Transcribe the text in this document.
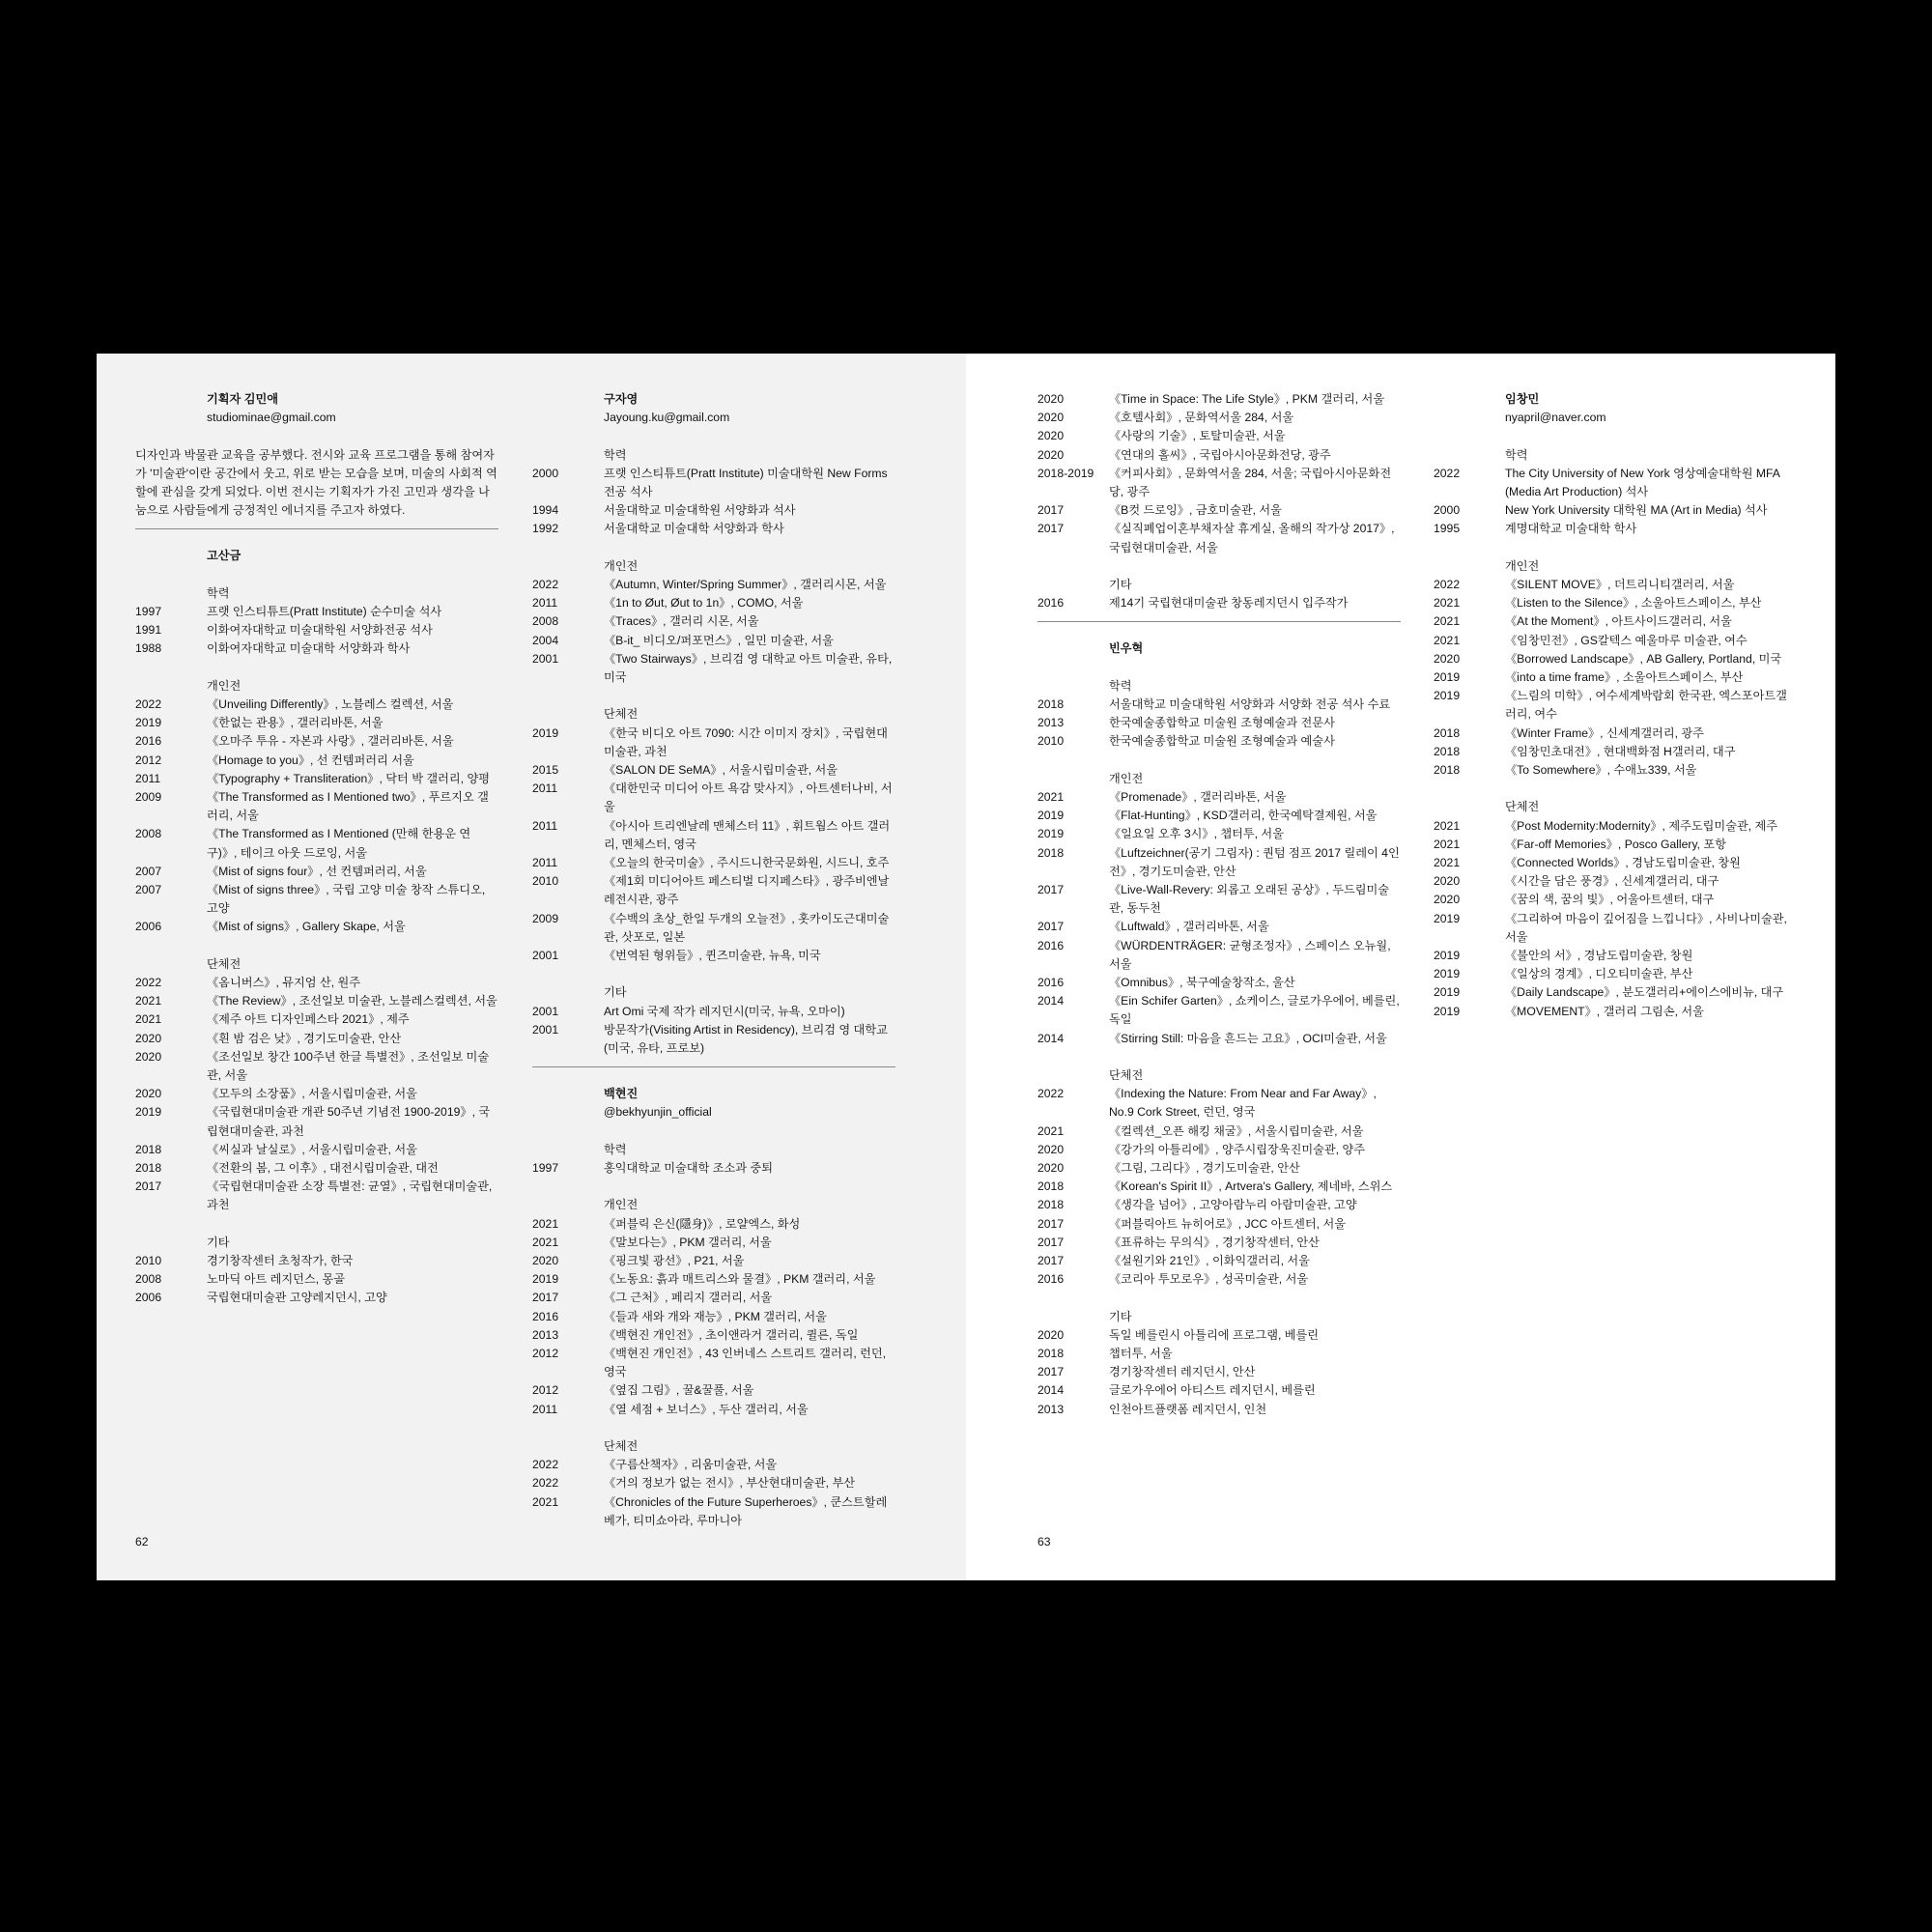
기획자 김민애
studiominae@gmail.com

디자인과 박물관 교육을 공부했다. 전시와 교육 프로그램을 통해 참여자가 '미술관'이란 공간에서 웃고, 위로 받는 모습을 보며, 미술의 사회적 역할에 관심을 갖게 되었다. 이번 전시는 기획자가 가진 고민과 생각을 나눔으로 사람들에게 긍정적인 에너지를 주고자 하였다.

고산금
학력
1997	프랫 인스티튜트(Pratt Institute) 순수미술 석사
1991	이화여자대학교 미술대학원 서양화전공 석사
1988	이화여자대학교 미술대학 서양화과 학사
개인전
2022	《Unveiling Differently》, 노블레스 컬렉션, 서울
2019	《한없는 관용》, 갤러리바톤, 서울
2016	《오마주 투유 - 자본과 사랑》, 갤러리바톤, 서울
2012	《Homage to you》, 선 컨템퍼러리 서울
2011	《Typography + Transliteration》, 닥터 박 갤러리, 양평
2009	《The Transformed as I Mentioned two》, 푸르지오 갤러리, 서울
2008	《The Transformed as I Mentioned (만해 한용운 연구)》, 테이크 아웃 드로잉, 서울
2007	《Mist of signs four》, 선 컨템퍼러리, 서울
2007	《Mist of signs three》, 국립 고양 미술 창작 스튜디오, 고양
2006	《Mist of signs》, Gallery Skape, 서울
단체전
2022	《옴니버스》, 뮤지엄 산, 원주
2021	《The Review》, 조선일보 미술관, 노블레스컬렉션, 서울
2021	《제주 아트 디자인페스타 2021》, 제주
2020	《흰 밤 검은 낮》, 경기도미술관, 안산
2020	《조선일보 창간 100주년 한글 특별전》, 조선일보 미술관, 서울
2020	《모두의 소장품》, 서울시립미술관, 서울
2019	《국립현대미술관 개관 50주년 기념전 1900-2019》, 국립현대미술관, 과천
2018	《씨실과 날실로》, 서울시립미술관, 서울
2018	《전환의 봄, 그 이후》, 대전시립미술관, 대전
2017	《국립현대미술관 소장 특별전: 균열》, 국립현대미술관, 과천
기타
2010	경기창작센터 초청작가, 한국
2008	노마딕 아트 레지던스, 몽골
2006	국립현대미술관 고양레지던시, 고양
구자영
Jayoung.ku@gmail.com
학력
2000	프랫 인스티튜트(Pratt Institute) 미술대학원 New Forms 전공 석사
1994	서울대학교 미술대학원 서양화과 석사
1992	서울대학교 미술대학 서양화과 학사
개인전
2022	《Autumn, Winter/Spring Summer》, 갤러리시몬, 서울
2011	《1n to Øut, Øut to 1n》, COMO, 서울
2008	《Traces》, 갤러리 시몬, 서울
2004	《B-it_ 비디오/퍼포먼스》, 일민 미술관, 서울
2001	《Two Stairways》, 브리검 영 대학교 아트 미술관, 유타, 미국
단체전
2019	《한국 비디오 아트 7090: 시간 이미지 장치》, 국립현대미술관, 과천
2015	《SALON DE SeMA》, 서울시립미술관, 서울
2011	《대한민국 미디어 아트 욕감 맞사지》, 아트센터나비, 서울
2011	《아시아 트리엔날레 맨체스터 11》, 휘트웜스 아트 갤러리, 멘체스터, 영국
2011	《오늘의 한국미술》, 주시드니한국문화원, 시드니, 호주
2010	《제1회 미디어아트 페스티벌 디지페스타》, 광주비엔날레전시관, 광주
2009	《수백의 초상_한일 두개의 오늘전》, 홋카이도근대미술관, 삿포로, 일본
2001	《번역된 형위들》, 퀸즈미술관, 뉴욕, 미국
기타
2001	Art Omi 국제 작가 레지던시(미국, 뉴욕, 오마이)
2001	방문작가(Visiting Artist in Residency), 브리검 영 대학교(미국, 유타, 프로보)
백현진
@bekhyunjin_official
학력
1997	홍익대학교 미술대학 조소과 중퇴
개인전
2021	《퍼블릭 은신(隱身)》, 로얄엑스, 화성
2021	《말보다는》, PKM 갤러리, 서울
2020	《핑크빛 광선》, P21, 서울
2019	《노동요: 흙과 매트리스와 물결》, PKM 갤러리, 서울
2017	《그 근처》, 페리지 갤러리, 서울
2016	《들과 새와 개와 재능》, PKM 갤러리, 서울
2013	《백현진 개인전》, 초이앤라거 갤러리, 퀼른, 독일
2012	《백현진 개인전》, 43 인버네스 스트리트 갤러리, 런던, 영국
2012	《옆집 그림》, 꿀&꿀풀, 서울
2011	《열 세점 + 보너스》, 두산 갤러리, 서울
단체전
2022	《구름산책자》, 리움미술관, 서울
2022	《거의 정보가 없는 전시》, 부산현대미술관, 부산
2021	《Chronicles of the Future Superheroes》, 쿤스트할레 베가, 티미쇼아라, 루마니아
62
2020	《Time in Space: The Life Style》, PKM 갤러리, 서울
2020	《호텔사회》, 문화역서울 284, 서울
2020	《사랑의 기술》, 토탈미술관, 서울
2020	《연대의 홀씨》, 국립아시아문화전당, 광주
2018-2019 《커피사회》, 문화역서울 284, 서울; 국립아시아문화전당, 광주
2017	《B컷 드로잉》, 금호미술관, 서울
2017	《실직폐업이혼부채자살 휴게실, 올해의 작가상 2017》, 국립현대미술관, 서울
기타
2016	제14기 국립현대미술관 창동레지던시 입주작가
빈우혁
학력
2018	서울대학교 미술대학원 서양화과 서양화 전공 석사 수료
2013	한국예술종합학교 미술원 조형예술과 전문사
2010	한국예술종합학교 미술원 조형예술과 예술사
개인전
2021	《Promenade》, 갤러리바톤, 서울
2019	《Flat-Hunting》, KSD갤러리, 한국예탁결제원, 서울
2019	《일요일 오후 3시》, 챕터투, 서울
2018	《Luftzeichner(공기 그림자) : 퀀텀 점프 2017 릴레이 4인전》, 경기도미술관, 안산
2017	《Live-Wall-Revery: 외롭고 오래된 공상》, 두드림미술관, 동두천
2017	《Luftwald》, 갤러리바톤, 서울
2016	《WÜRDENTRÄGER: 균형조정자》, 스페이스 오뉴월, 서울
2016	《Omnibus》, 북구예술창작소, 울산
2014	《Ein Schifer Garten》, 쇼케이스, 글로가우에어, 베를린, 독일
2014	《Stirring Still: 마음을 흔드는 고요》, OCI미술관, 서울
단체전
2022	《Indexing the Nature: From Near and Far Away》, No.9 Cork Street, 런던, 영국
2021	《컬렉션_오픈 해킹 채굴》, 서울시립미술관, 서울
2020	《강가의 아틀리에》, 양주시립장욱진미술관, 양주
2020	《그림, 그리다》, 경기도미술관, 안산
2018	《Korean's Spirit II》, Artvera's Gallery, 제네바, 스위스
2018	《생각을 넘어》, 고양아람누리 아람미술관, 고양
2017	《퍼블릭아트 뉴히어로》, JCC 아트센터, 서울
2017	《표류하는 무의식》, 경기창작센터, 안산
2017	《설원기와 21인》, 이화익갤러리, 서울
2016	《코리아 투모로우》, 성곡미술관, 서울
기타
2020	독일 베를린시 아틀리에 프로그램, 베를린
2018	챕터투, 서울
2017	경기창작센터 레지던시, 안산
2014	글로가우에어 아티스트 레지던시, 베를린
2013	인천아트플랫폼 레지던시, 인천
임창민
nyapril@naver.com
학력
2022	The City University of New York 영상예술대학원 MFA (Media Art Production) 석사
2000	New York University 대학원 MA (Art in Media) 석사
1995	계명대학교 미술대학 학사
개인전
2022	《SILENT MOVE》, 더트리니티갤러리, 서울
2021	《Listen to the Silence》, 소울아트스페이스, 부산
2021	《At the Moment》, 아트사이드갤러리, 서울
2021	《임창민전》, GS칼텍스 예울마루 미술관, 여수
2020	《Borrowed Landscape》, AB Gallery, Portland, 미국
2019	《into a time frame》, 소울아트스페이스, 부산
2019	《느림의 미학》, 여수세계박람회 한국관, 엑스포아트갤러리, 여수
2018	《Winter Frame》, 신세계갤러리, 광주
2018	《임창민초대전》, 현대백화점 H갤러리, 대구
2018	《To Somewhere》, 수애뇨339, 서울
단체전
2021	《Post Modernity:Modernity》, 제주도립미술관, 제주
2021	《Far-off Memories》, Posco Gallery, 포항
2021	《Connected Worlds》, 경남도립미술관, 창원
2020	《시간을 담은 풍경》, 신세계갤러리, 대구
2020	《꿈의 색, 꿈의 빛》, 어울아트센터, 대구
2019	《그리하여 마음이 깊어짐을 느낍니다》, 사비나미술관, 서울
2019	《불안의 서》, 경남도립미술관, 창원
2019	《일상의 경계》, 디오티미술관, 부산
2019	《Daily Landscape》, 분도갤러리+에이스에비뉴, 대구
2019	《MOVEMENT》, 갤러리 그림손, 서울
63
